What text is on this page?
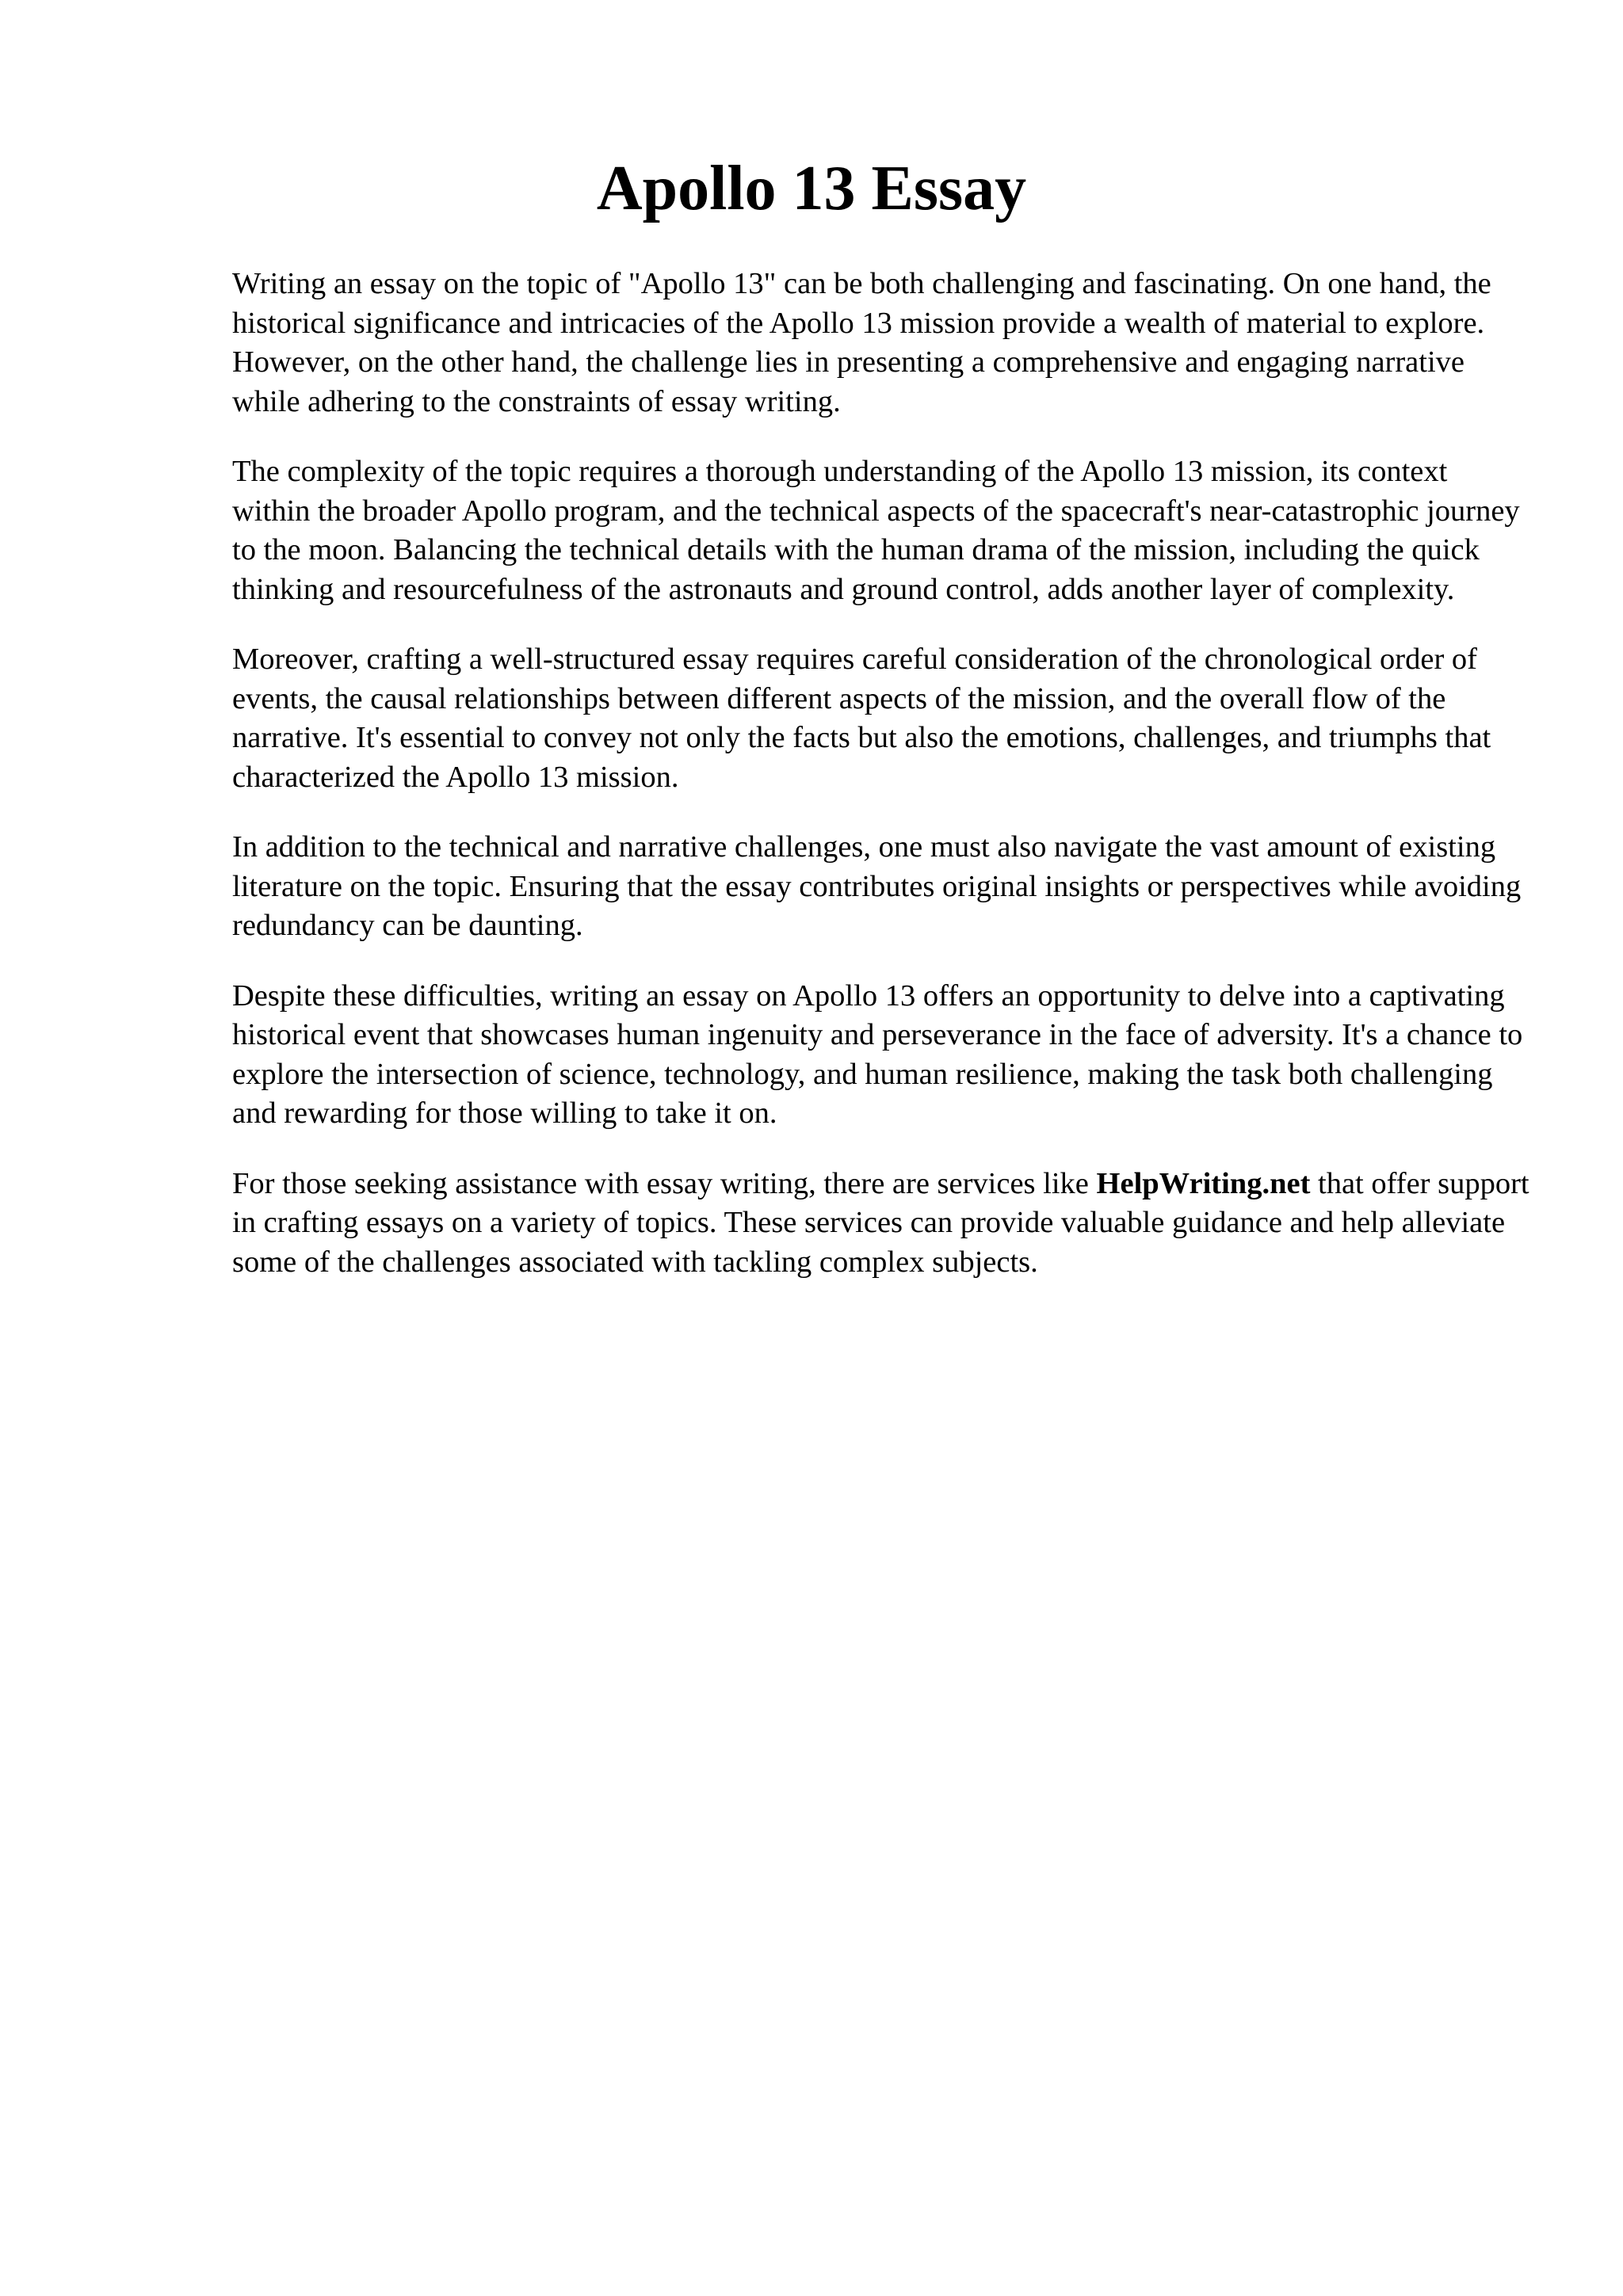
Apollo 13 Essay

Writing an essay on the topic of "Apollo 13" can be both challenging and fascinating. On one hand, the historical significance and intricacies of the Apollo 13 mission provide a wealth of material to explore. However, on the other hand, the challenge lies in presenting a comprehensive and engaging narrative while adhering to the constraints of essay writing.

The complexity of the topic requires a thorough understanding of the Apollo 13 mission, its context within the broader Apollo program, and the technical aspects of the spacecraft's near-catastrophic journey to the moon. Balancing the technical details with the human drama of the mission, including the quick thinking and resourcefulness of the astronauts and ground control, adds another layer of complexity.

Moreover, crafting a well-structured essay requires careful consideration of the chronological order of events, the causal relationships between different aspects of the mission, and the overall flow of the narrative. It's essential to convey not only the facts but also the emotions, challenges, and triumphs that characterized the Apollo 13 mission.

In addition to the technical and narrative challenges, one must also navigate the vast amount of existing literature on the topic. Ensuring that the essay contributes original insights or perspectives while avoiding redundancy can be daunting.

Despite these difficulties, writing an essay on Apollo 13 offers an opportunity to delve into a captivating historical event that showcases human ingenuity and perseverance in the face of adversity. It's a chance to explore the intersection of science, technology, and human resilience, making the task both challenging and rewarding for those willing to take it on.

For those seeking assistance with essay writing, there are services like HelpWriting.net that offer support in crafting essays on a variety of topics. These services can provide valuable guidance and help alleviate some of the challenges associated with tackling complex subjects.
